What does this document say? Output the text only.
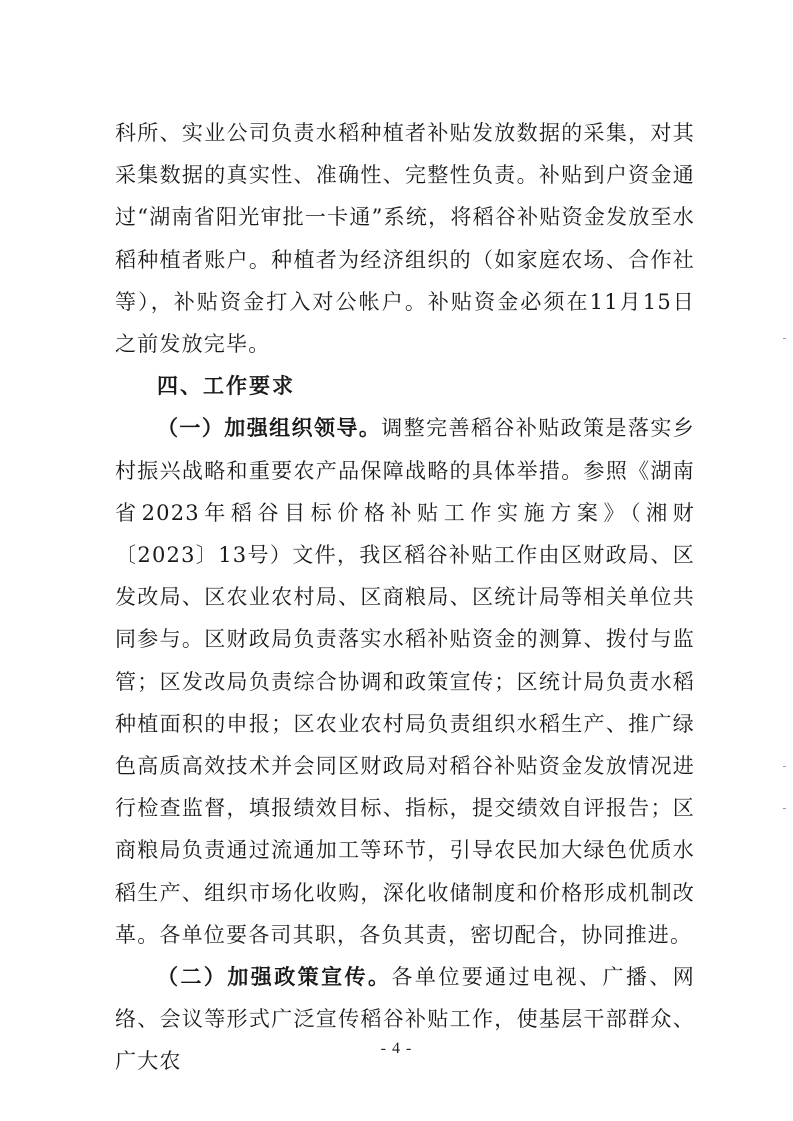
科所、实业公司负责水稻种植者补贴发放数据的采集，对其采集数据的真实性、准确性、完整性负责。补贴到户资金通过“湖南省阳光审批一卡通”系统，将稻谷补贴资金发放至水稻种植者账户。种植者为经济组织的（如家庭农场、合作社等），补贴资金打入对公帐户。补贴资金必须在11月15日之前发放完毕。

四、工作要求

（一）加强组织领导。调整完善稻谷补贴政策是落实乡村振兴战略和重要农产品保障战略的具体举措。参照《湖南省2023年稻谷目标价格补贴工作实施方案》（湘财〔2023〕13号）文件，我区稻谷补贴工作由区财政局、区发改局、区农业农村局、区商粮局、区统计局等相关单位共同参与。区财政局负责落实水稻补贴资金的测算、拨付与监管；区发改局负责综合协调和政策宣传；区统计局负责水稻种植面积的申报；区农业农村局负责组织水稻生产、推广绿色高质高效技术并会同区财政局对稻谷补贴资金发放情况进行检查监督，填报绩效目标、指标，提交绩效自评报告；区商粮局负责通过流通加工等环节，引导农民加大绿色优质水稻生产、组织市场化收购，深化收储制度和价格形成机制改革。各单位要各司其职，各负其责，密切配合，协同推进。

（二）加强政策宣传。各单位要通过电视、广播、网络、会议等形式广泛宣传稻谷补贴工作，使基层干部群众、广大农

- 4 -
